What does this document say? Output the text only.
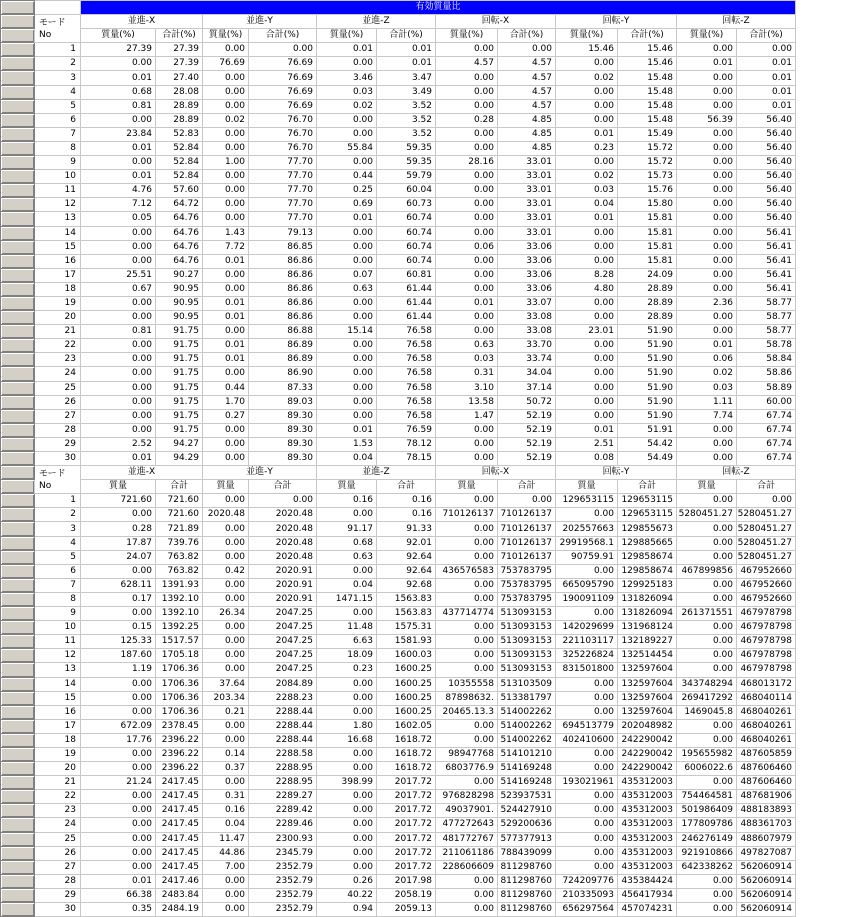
		有効質量比											

	モード
No	並進-X		並進-Y		並進-Z		回転-X		回転-Y		回転-Z	
		質量(%)	合計(%)	質量(%)	合計(%)	質量(%)	合計(%)	質量(%)	合計(%)	質量(%)	合計(%)	質量(%)	合計(%)
	1	27.39	27.39	0.00	0.00	0.01	0.01	0.00	0.00	15.46	15.46	0.00	0.00
	2	0.00	27.39	76.69	76.69	0.00	0.01	4.57	4.57	0.00	15.46	0.01	0.01
	3	0.01	27.40	0.00	76.69	3.46	3.47	0.00	4.57	0.02	15.48	0.00	0.01
	4	0.68	28.08	0.00	76.69	0.03	3.49	0.00	4.57	0.00	15.48	0.00	0.01
	5	0.81	28.89	0.00	76.69	0.02	3.52	0.00	4.57	0.00	15.48	0.00	0.01
	6	0.00	28.89	0.02	76.70	0.00	3.52	0.28	4.85	0.00	15.48	56.39	56.40
	7	23.84	52.83	0.00	76.70	0.00	3.52	0.00	4.85	0.01	15.49	0.00	56.40
	8	0.01	52.84	0.00	76.70	55.84	59.35	0.00	4.85	0.23	15.72	0.00	56.40
	9	0.00	52.84	1.00	77.70	0.00	59.35	28.16	33.01	0.00	15.72	0.00	56.40
	10	0.01	52.84	0.00	77.70	0.44	59.79	0.00	33.01	0.02	15.73	0.00	56.40
	11	4.76	57.60	0.00	77.70	0.25	60.04	0.00	33.01	0.03	15.76	0.00	56.40
	12	7.12	64.72	0.00	77.70	0.69	60.73	0.00	33.01	0.04	15.80	0.00	56.40
	13	0.05	64.76	0.00	77.70	0.01	60.74	0.00	33.01	0.01	15.81	0.00	56.40
	14	0.00	64.76	1.43	79.13	0.00	60.74	0.00	33.01	0.00	15.81	0.00	56.41
	15	0.00	64.76	7.72	86.85	0.00	60.74	0.06	33.06	0.00	15.81	0.00	56.41
	16	0.00	64.76	0.01	86.86	0.00	60.74	0.00	33.06	0.00	15.81	0.00	56.41
	17	25.51	90.27	0.00	86.86	0.07	60.81	0.00	33.06	8.28	24.09	0.00	56.41
	18	0.67	90.95	0.00	86.86	0.63	61.44	0.00	33.06	4.80	28.89	0.00	56.41
	19	0.00	90.95	0.01	86.86	0.00	61.44	0.01	33.07	0.00	28.89	2.36	58.77
	20	0.00	90.95	0.01	86.86	0.00	61.44	0.00	33.08	0.00	28.89	0.00	58.77
	21	0.81	91.75	0.00	86.88	15.14	76.58	0.00	33.08	23.01	51.90	0.00	58.77
	22	0.00	91.75	0.01	86.89	0.00	76.58	0.63	33.70	0.00	51.90	0.01	58.78
	23	0.00	91.75	0.01	86.89	0.00	76.58	0.03	33.74	0.00	51.90	0.06	58.84
	24	0.00	91.75	0.00	86.90	0.00	76.58	0.31	34.04	0.00	51.90	0.02	58.86
	25	0.00	91.75	0.44	87.33	0.00	76.58	3.10	37.14	0.00	51.90	0.03	58.89
	26	0.00	91.75	1.70	89.03	0.00	76.58	13.58	50.72	0.00	51.90	1.11	60.00
	27	0.00	91.75	0.27	89.30	0.00	76.58	1.47	52.19	0.00	51.90	7.74	67.74
	28	0.00	91.75	0.00	89.30	0.01	76.59	0.00	52.19	0.01	51.91	0.00	67.74
	29	2.52	94.27	0.00	89.30	1.53	78.12	0.00	52.19	2.51	54.42	0.00	67.74
	30	0.01	94.29	0.00	89.30	0.04	78.15	0.00	52.19	0.08	54.49	0.00	67.74

	モード
No	並進-X		並進-Y		並進-Z		回転-X		回転-Y		回転-Z	
		質量	合計	質量	合計	質量	合計	質量	合計	質量	合計	質量	合計
	1	721.60	721.60	0.00	0.00	0.16	0.16	0.00	0.00	129653115	129653115	0.00	0.00
	2	0.00	721.60	2020.48	2020.48	0.00	0.16	710126137	710126137	0.00	129653115	5280451.27	5280451.27
	3	0.28	721.89	0.00	2020.48	91.17	91.33	0.00	710126137	202557663	129855673	0.00	5280451.27
	4	17.87	739.76	0.00	2020.48	0.68	92.01	0.00	710126137	29919568.1	129885665	0.00	5280451.27
	5	24.07	763.82	0.00	2020.48	0.63	92.64	0.00	710126137	90759.91	129858674	0.00	5280451.27
	6	0.00	763.82	0.42	2020.91	0.00	92.64	436576583	753783795	0.00	129858674	467899856	467952660
	7	628.11	1391.93	0.00	2020.91	0.04	92.68	0.00	753783795	665095790	129925183	0.00	467952660
	8	0.17	1392.10	0.00	2020.91	1471.15	1563.83	0.00	753783795	190091109	131826094	0.00	467952660
	9	0.00	1392.10	26.34	2047.25	0.00	1563.83	437714774	513093153	0.00	131826094	261371551	467978798
	10	0.15	1392.25	0.00	2047.25	11.48	1575.31	0.00	513093153	142029699	131968124	0.00	467978798
	11	125.33	1517.57	0.00	2047.25	6.63	1581.93	0.00	513093153	221103117	132189227	0.00	467978798
	12	187.60	1705.18	0.00	2047.25	18.09	1600.03	0.00	513093153	325226824	132514454	0.00	467978798
	13	1.19	1706.36	0.00	2047.25	0.23	1600.25	0.00	513093153	831501800	132597604	0.00	467978798
	14	0.00	1706.36	37.64	2084.89	0.00	1600.25	10355558	513103509	0.00	132597604	343748294	468013172
	15	0.00	1706.36	203.34	2288.23	0.00	1600.25	87898632.	513381797	0.00	132597604	269417292	468040114
	16	0.00	1706.36	0.21	2288.44	0.00	1600.25	20465.13.3	514002262	0.00	132597604	1469045.8	468040261
	17	672.09	2378.45	0.00	2288.44	1.80	1602.05	0.00	514002262	694513779	202048982	0.00	468040261
	18	17.76	2396.22	0.00	2288.44	16.68	1618.72	0.00	514002262	402410600	242290042	0.00	468040261
	19	0.00	2396.22	0.14	2288.58	0.00	1618.72	98947768	514101210	0.00	242290042	195655982	487605859
	20	0.00	2396.22	0.37	2288.95	0.00	1618.72	6803776.9	514169248	0.00	242290042	6006022.6	487606460
	21	21.24	2417.45	0.00	2288.95	398.99	2017.72	0.00	514169248	193021961	435312003	0.00	487606460
	22	0.00	2417.45	0.31	2289.27	0.00	2017.72	976828298	523937531	0.00	435312003	754464581	487681906
	23	0.00	2417.45	0.16	2289.42	0.00	2017.72	49037901.	524427910	0.00	435312003	501986409	488183893
	24	0.00	2417.45	0.04	2289.46	0.00	2017.72	477272643	529200636	0.00	435312003	177809786	488361703
	25	0.00	2417.45	11.47	2300.93	0.00	2017.72	481772767	577377913	0.00	435312003	246276149	488607979
	26	0.00	2417.45	44.86	2345.79	0.00	2017.72	211061186	788439099	0.00	435312003	921910866	497827087
	27	0.00	2417.45	7.00	2352.79	0.00	2017.72	228606609	811298760	0.00	435312003	642338262	562060914
	28	0.01	2417.46	0.00	2352.79	0.26	2017.98	0.00	811298760	724209776	435384424	0.00	562060914
	29	66.38	2483.84	0.00	2352.79	40.22	2058.19	0.00	811298760	210335093	456417934	0.00	562060914
	30	0.35	2484.19	0.00	2352.79	0.94	2059.13	0.00	811298760	656297564	457074231	0.00	562060914
